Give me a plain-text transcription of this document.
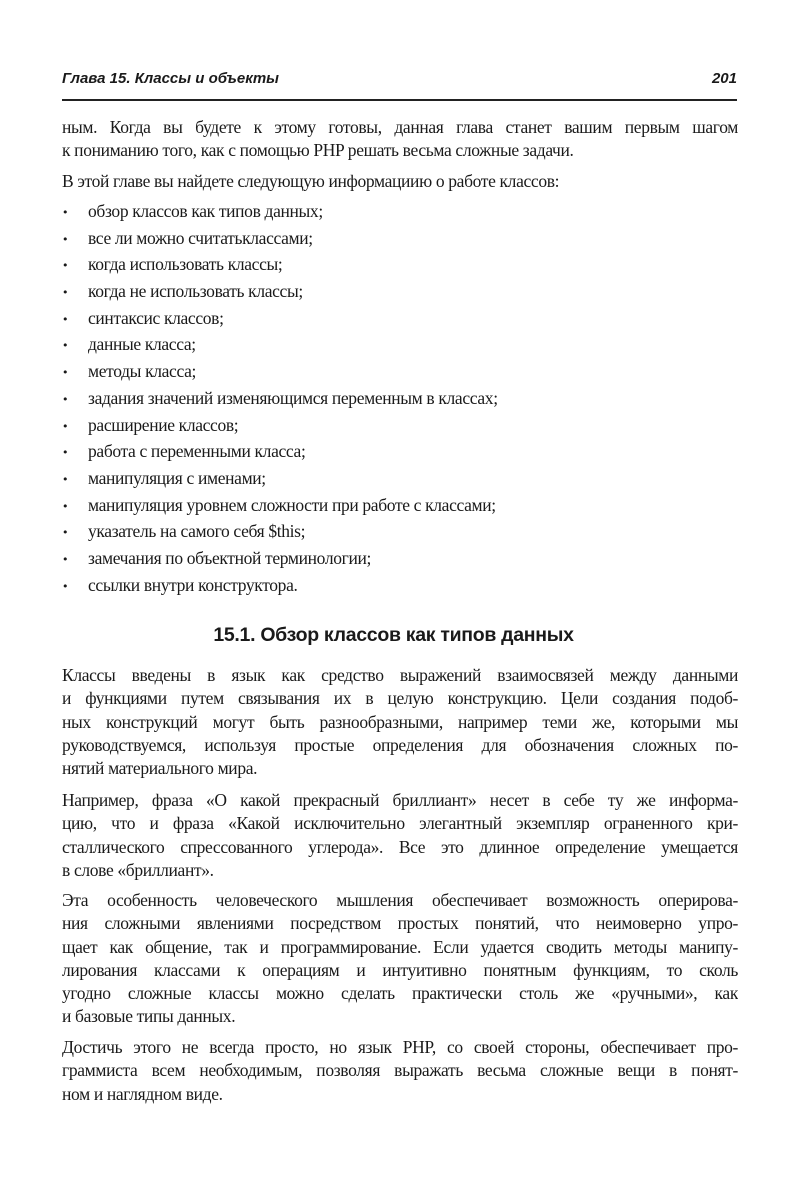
Глава 15. Классы и объекты	201
ным. Когда вы будете к этому готовы, данная глава станет вашим первым шагом
к пониманию того, как с помощью PHP решать весьма сложные задачи.
В этой главе вы найдете следующую информациию о работе классов:
• обзор классов как типов данных;
• все ли можно считатьклассами;
• когда использовать классы;
• когда не использовать классы;
• синтаксис классов;
• данные класса;
• методы класса;
• задания значений изменяющимся переменным в классах;
• расширение классов;
• работа с переменными класса;
• манипуляция с именами;
• манипуляция уровнем сложности при работе с классами;
• указатель на самого себя $this;
• замечания по объектной терминологии;
• ссылки внутри конструктора.
15.1. Обзор классов как типов данных
Классы введены в язык как средство выражений взаимосвязей между данными
и функциями путем связывания их в целую конструкцию. Цели создания подоб-
ных конструкций могут быть разнообразными, например теми же, которыми мы
руководствуемся, используя простые определения для обозначения сложных по-
нятий материального мира.
Например, фраза «О какой прекрасный бриллиант» несет в себе ту же информа-
цию, что и фраза «Какой исключительно элегантный экземпляр ограненного кри-
сталлического спрессованного углерода». Все это длинное определение умещается
в слове «бриллиант».
Эта особенность человеческого мышления обеспечивает возможность оперирова-
ния сложными явлениями посредством простых понятий, что неимоверно упро-
щает как общение, так и программирование. Если удается сводить методы манипу-
лирования классами к операциям и интуитивно понятным функциям, то сколь
угодно сложные классы можно сделать практически столь же «ручными», как
и базовые типы данных.
Достичь этого не всегда просто, но язык PHP, со своей стороны, обеспечивает про-
граммиста всем необходимым, позволяя выражать весьма сложные вещи в понят-
ном и наглядном виде.
